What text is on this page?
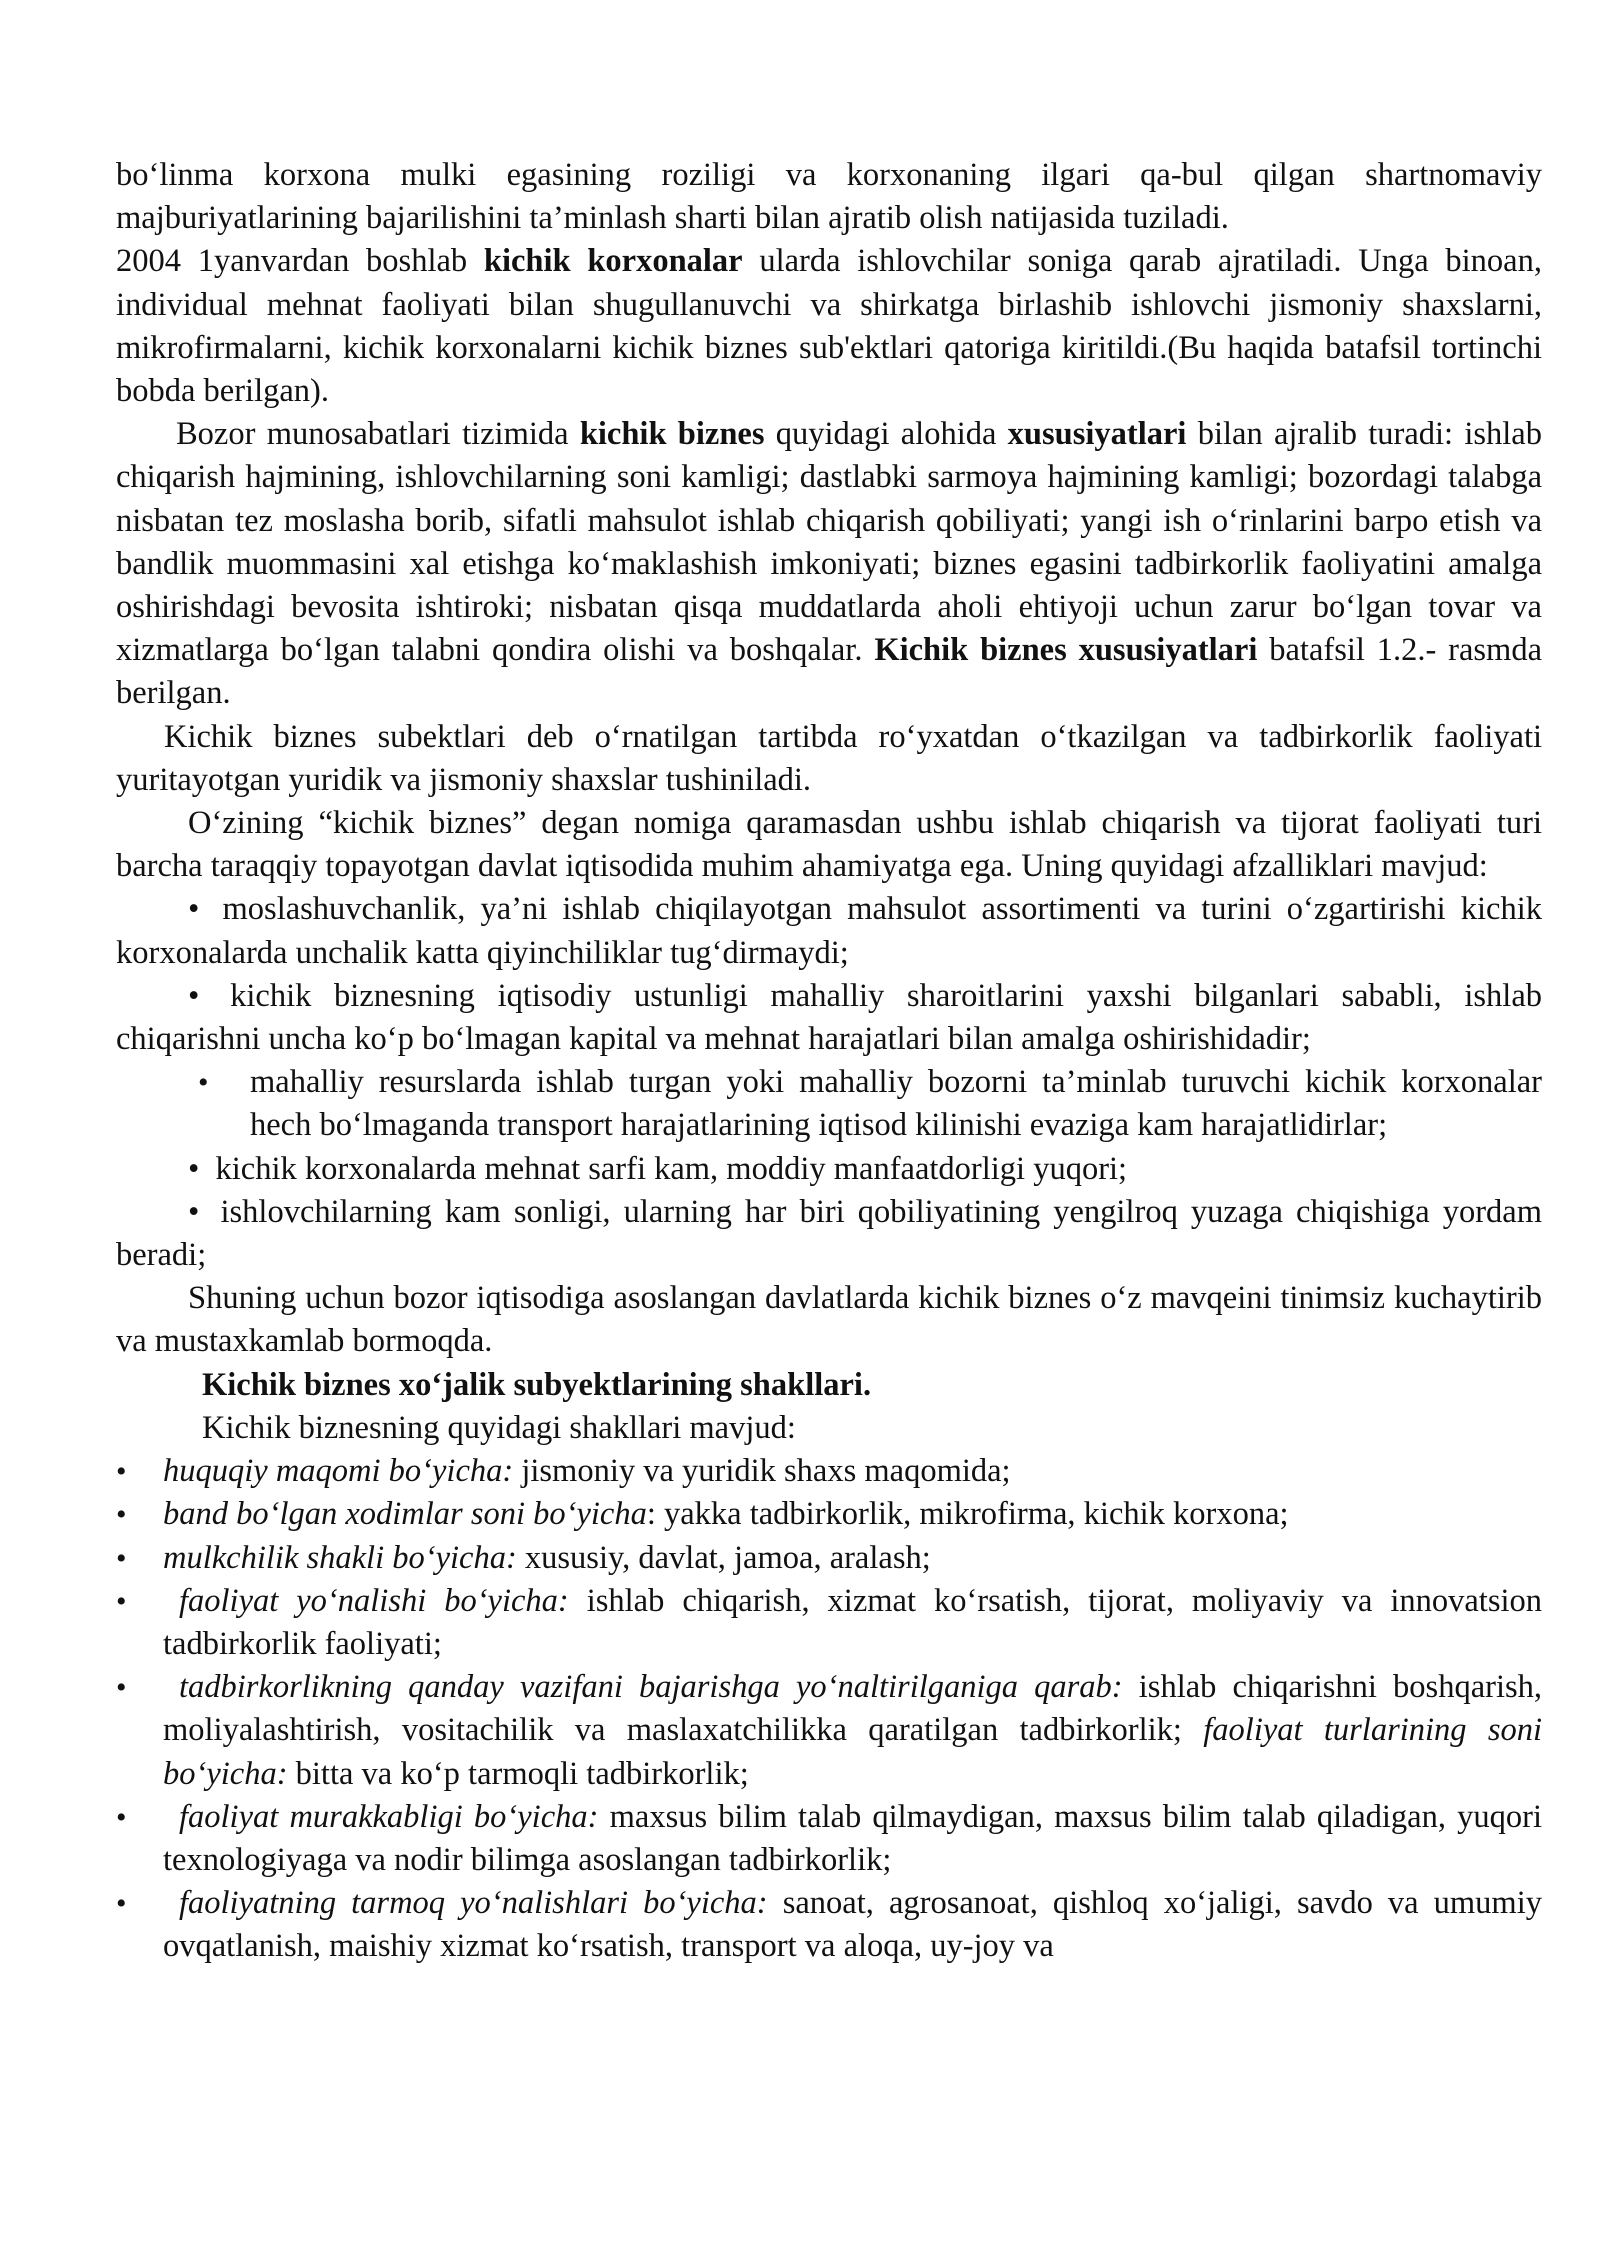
bo‘linma korxona mulki egasining roziligi va korxonaning ilgari qa-bul qilgan shartnomaviy majburiyatlarining bajarilishini ta’minlash sharti bilan ajratib olish natijasida tuziladi.

2004 1yanvardan boshlab kichik korxonalar ularda ishlovchilar soniga qarab ajratiladi. Unga binoan, individual mehnat faoliyati bilan shugullanuvchi va shirkatga birlashib ishlovchi jismoniy shaxslarni, mikrofirmalarni, kichik korxonalarni kichik biznes sub'ektlari qatoriga kiritildi.(Bu haqida batafsil tortinchi bobda berilgan).

Bozor munosabatlari tizimida kichik biznes quyidagi alohida xususiyatlari bilan ajralib turadi: ishlab chiqarish hajmining, ishlovchilarning soni kamligi; dastlabki sarmoya hajmining kamligi; bozordagi talabga nisbatan tez moslasha borib, sifatli mahsulot ishlab chiqarish qobiliyati; yangi ish o‘rinlarini barpo etish va bandlik muommasini xal etishga ko‘maklashish imkoniyati; biznes egasini tadbirkorlik faoliyatini amalga oshirishdagi bevosita ishtiroki; nisbatan qisqa muddatlarda aholi ehtiyoji uchun zarur bo‘lgan tovar va xizmatlarga bo‘lgan talabni qondira olishi va boshqalar. Kichik biznes xususiyatlari batafsil 1.2.- rasmda berilgan.

Kichik biznes subektlari deb o‘rnatilgan tartibda ro‘yxatdan o‘tkazilgan va tadbirkorlik faoliyati yuritayotgan yuridik va jismoniy shaxslar tushiniladi.

O‘zining “kichik biznes” degan nomiga qaramasdan ushbu ishlab chiqarish va tijorat faoliyati turi barcha taraqqiy topayotgan davlat iqtisodida muhim ahamiyatga ega. Uning quyidagi afzalliklari mavjud:

• moslashuvchanlik, ya’ni ishlab chiqilayotgan mahsulot assortimenti va turini o‘zgartirishi kichik korxonalarda unchalik katta qiyinchiliklar tug‘dirmaydi;

• kichik biznesning iqtisodiy ustunligi mahalliy sharoitlarini yaxshi bilganlari sababli, ishlab chiqarishni uncha ko‘p bo‘lmagan kapital va mehnat harajatlari bilan amalga oshirishidadir;

• mahalliy resurslarda ishlab turgan yoki mahalliy bozorni ta’minlab turuvchi kichik korxonalar hech bo‘lmaganda transport harajatlarining iqtisod kilinishi evaziga kam harajatlidirlar;

• kichik korxonalarda mehnat sarfi kam, moddiy manfaatdorligi yuqori;

• ishlovchilarning kam sonligi, ularning har biri qobiliyatining yengilroq yuzaga chiqishiga yordam beradi;

Shuning uchun bozor iqtisodiga asoslangan davlatlarda kichik biznes o‘z mavqeini tinimsiz kuchaytirib va mustaxkamlab bormoqda.

Kichik biznes xo‘jalik subyektlarining shakllari.

Kichik biznesning quyidagi shakllari mavjud:

• huquqiy maqomi bo‘yicha: jismoniy va yuridik shaxs maqomida;
• band bo‘lgan xodimlar soni bo‘yicha: yakka tadbirkorlik, mikrofirma, kichik korxona;
• mulkchilik shakli bo‘yicha: xususiy, davlat, jamoa, aralash;
• faoliyat yo‘nalishi bo‘yicha: ishlab chiqarish, xizmat ko‘rsatish, tijorat, moliyaviy va innovatsion tadbirkorlik faoliyati;
• tadbirkorlikning qanday vazifani bajarishga yo‘naltirilganiga qarab: ishlab chiqarishni boshqarish, moliyalashtirish, vositachilik va maslaxatchilikka qaratilgan tadbirkorlik; faoliyat turlarining soni bo‘yicha: bitta va ko‘p tarmoqli tadbirkorlik;
• faoliyat murakkabligi bo‘yicha: maxsus bilim talab qilmaydigan, maxsus bilim talab qiladigan, yuqori texnologiyaga va nodir bilimga asoslangan tadbirkorlik;
• faoliyatning tarmoq yo‘nalishlari bo‘yicha: sanoat, agrosanoat, qishloq xo‘jaligi, savdo va umumiy ovqatlanish, maishiy xizmat ko‘rsatish, transport va aloqa, uy-joy va
